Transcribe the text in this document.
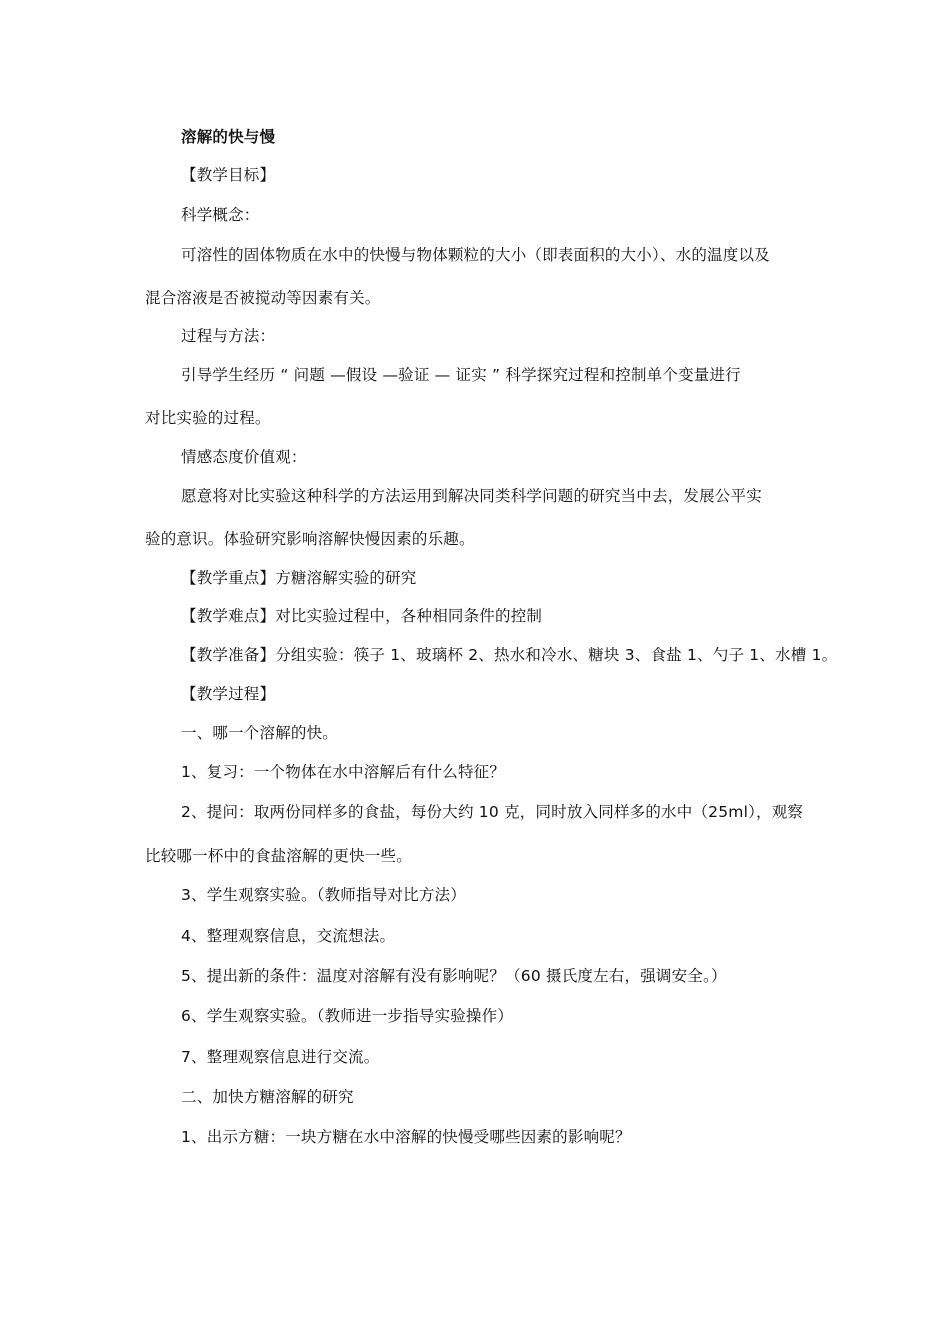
溶解的快与慢
【教学目标】
科学概念：
可溶性的固体物质在水中的快慢与物体颗粒的大小（即表面积的大小）、水的温度以及
混合溶液是否被搅动等因素有关。
过程与方法：
引导学生经历 “ 问题 —假设 —验证 — 证实 ” 科学探究过程和控制单个变量进行
对比实验的过程。
情感态度价值观：
愿意将对比实验这种科学的方法运用到解决同类科学问题的研究当中去，发展公平实
验的意识。体验研究影响溶解快慢因素的乐趣。
【教学重点】方糖溶解实验的研究
【教学难点】对比实验过程中，各种相同条件的控制
【教学准备】分组实验：筷子 1、玻璃杯 2、热水和冷水、糖块 3、食盐 1、勺子 1、水槽 1。
【教学过程】
一、哪一个溶解的快。
1、复习：一个物体在水中溶解后有什么特征？
2、提问：取两份同样多的食盐，每份大约 10 克，同时放入同样多的水中（25ml），观察
比较哪一杯中的食盐溶解的更快一些。
3、学生观察实验。（教师指导对比方法）
4、整理观察信息，交流想法。
5、提出新的条件：温度对溶解有没有影响呢？（60 摄氏度左右，强调安全。）
6、学生观察实验。（教师进一步指导实验操作）
7、整理观察信息进行交流。
二、加快方糖溶解的研究
1、出示方糖：一块方糖在水中溶解的快慢受哪些因素的影响呢？
